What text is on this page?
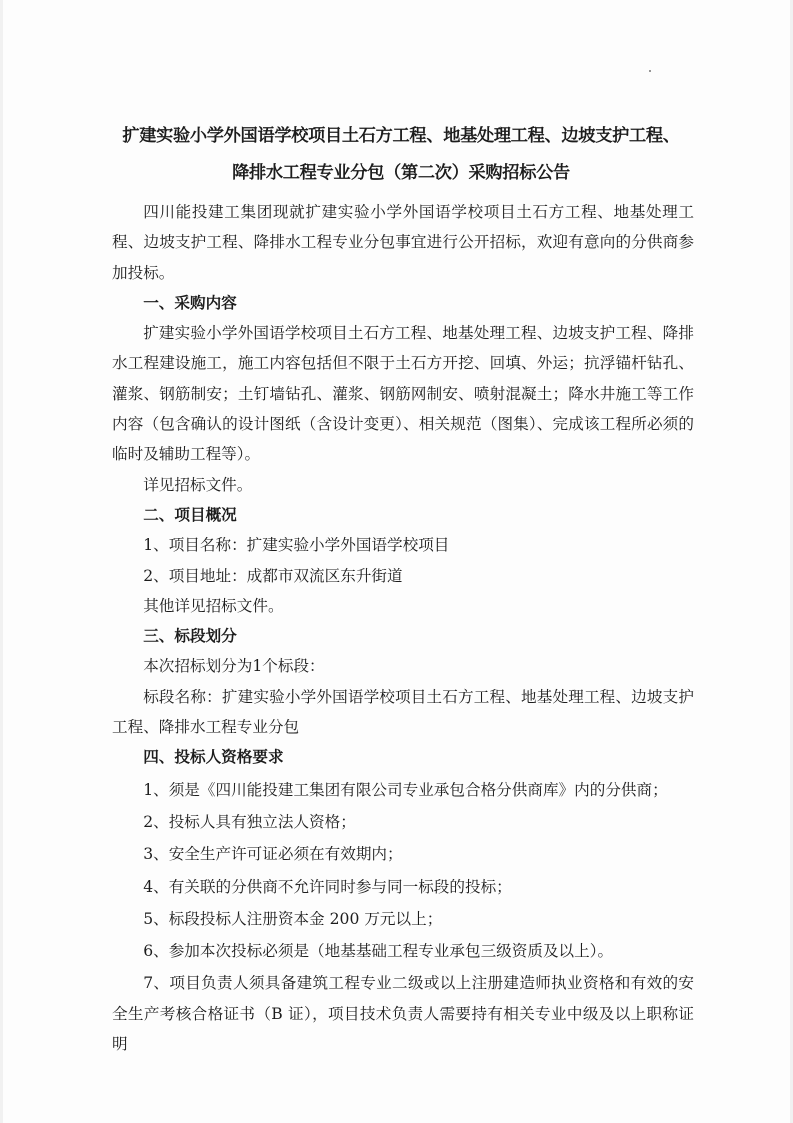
扩建实验小学外国语学校项目土石方工程、地基处理工程、边坡支护工程、
降排水工程专业分包（第二次）采购招标公告

四川能投建工集团现就扩建实验小学外国语学校项目土石方工程、地基处理工程、边坡支护工程、降排水工程专业分包事宜进行公开招标，欢迎有意向的分供商参加投标。

一、采购内容

扩建实验小学外国语学校项目土石方工程、地基处理工程、边坡支护工程、降排水工程建设施工，施工内容包括但不限于土石方开挖、回填、外运；抗浮锚杆钻孔、灌浆、钢筋制安；土钉墙钻孔、灌浆、钢筋网制安、喷射混凝土；降水井施工等工作内容（包含确认的设计图纸（含设计变更）、相关规范（图集）、完成该工程所必须的临时及辅助工程等）。

详见招标文件。

二、项目概况

1、项目名称：扩建实验小学外国语学校项目

2、项目地址：成都市双流区东升街道

其他详见招标文件。

三、标段划分

本次招标划分为1个标段：

标段名称：扩建实验小学外国语学校项目土石方工程、地基处理工程、边坡支护工程、降排水工程专业分包

四、投标人资格要求

1、须是《四川能投建工集团有限公司专业承包合格分供商库》内的分供商；

2、投标人具有独立法人资格；

3、安全生产许可证必须在有效期内；

4、有关联的分供商不允许同时参与同一标段的投标；

5、标段投标人注册资本金 200 万元以上；

6、参加本次投标必须是（地基基础工程专业承包三级资质及以上）。

7、项目负责人须具备建筑工程专业二级或以上注册建造师执业资格和有效的安全生产考核合格证书（B 证），项目技术负责人需要持有相关专业中级及以上职称证明
